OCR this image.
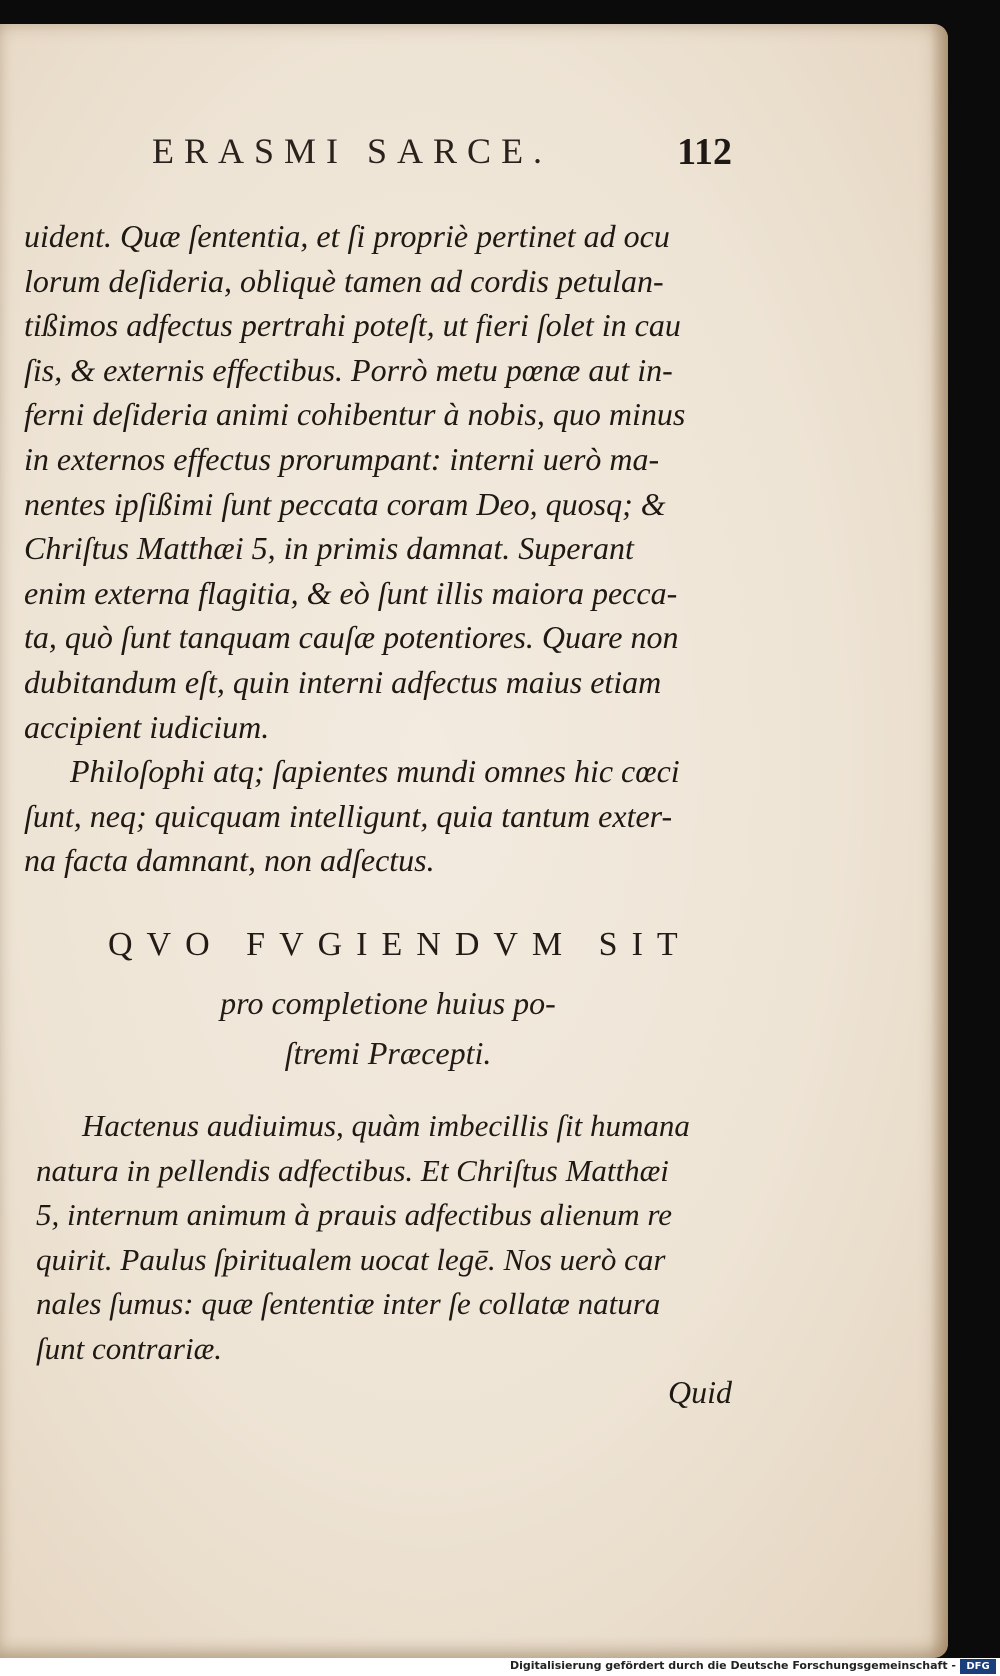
ERASMI SARCE.	112
uident. Quæ ſententia, et ſi propriè pertinet ad ocu
lorum deſideria, obliquè tamen ad cordis petulan-
tißimos adfectus pertrahi poteſt, ut fieri ſolet in cau
ſis, & externis effectibus. Porrò metu pœnæ aut in-
ferni deſideria animi cohibentur à nobis, quo minus
in externos effectus prorumpant: interni uerò ma-
nentes ipſißimi ſunt peccata coram Deo, quosq; &
Chriſtus Matthæi 5, in primis damnat. Superant
enim externa flagitia, & eò ſunt illis maiora pecca-
ta, quò ſunt tanquam cauſæ potentiores. Quare non
dubitandum eſt, quin interni adfectus maius etiam
accipient iudicium.
Philoſophi atq; ſapientes mundi omnes hic cœci
ſunt, neq; quicquam intelligunt, quia tantum exter-
na facta damnant, non adſectus.
QVO FVGIENDVM SIT
pro completione huius po-
ſtremi Præcepti.
Hactenus audiuimus, quàm imbecillis ſit humana
natura in pellendis adfectibus. Et Chriſtus Matthæi
5, internum animum à prauis adfectibus alienum re
quirit. Paulus ſpiritualem uocat legē. Nos uerò car
nales ſumus: quæ ſententiæ inter ſe collatæ natura
ſunt contrariæ.
Quid
Digitalisierung gefördert durch die Deutsche Forschungsgemeinschaft -	DFG
